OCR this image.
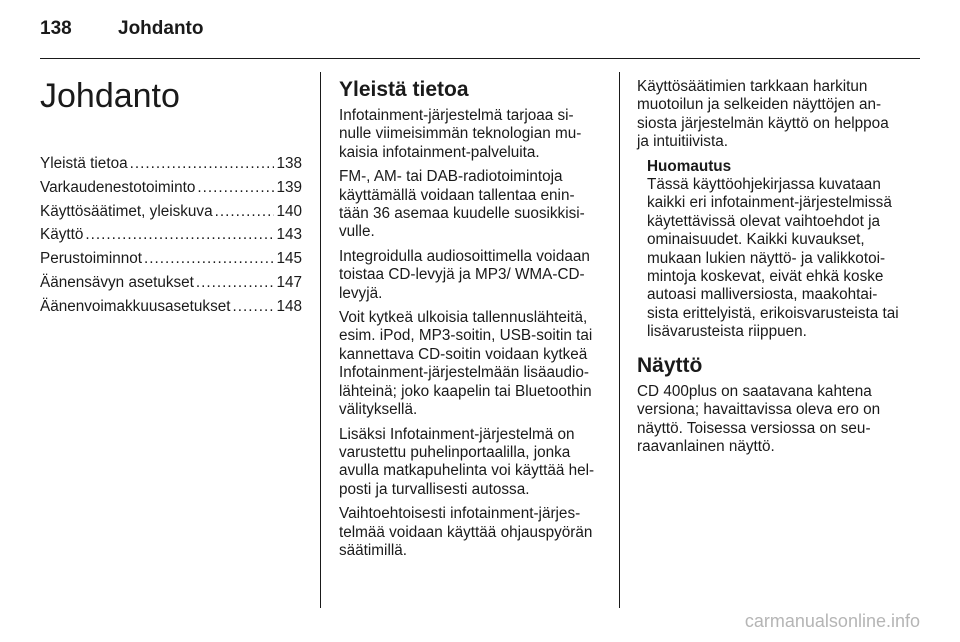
138 Johdanto
Johdanto
Yleistä tietoa .....	138
Varkaudenestotoiminto .....	139
Käyttösäätimet, yleiskuva .....	140
Käyttö .....	143
Perustoiminnot .....	145
Äänensävyn asetukset .....	147
Äänenvoimakkuusasetukset .....	148
Yleistä tietoa

Infotainment-järjestelmä tarjoaa si-nulle viimeisimmän teknologian mu-kaisia infotainment-palveluita.

FM-, AM- tai DAB-radiotoimintoja käyttämällä voidaan tallentaa enin-tään 36 asemaa kuudelle suosikkisi-vulle.

Integroidulla audiosoittimella voidaan toistaa CD-levyjä ja MP3/ WMA-CD-levyjä.

Voit kytkeä ulkoisia tallennuslähteitä, esim. iPod, MP3-soitin, USB-soitin tai kannettava CD-soitin voidaan kytkeä Infotainment-järjestelmään lisäaudio-lähteinä; joko kaapelin tai Bluetoothin välityksellä.

Lisäksi Infotainment-järjestelmä on varustettu puhelinportaalilla, jonka avulla matkapuhelinta voi käyttää hel-posti ja turvallisesti autossa.

Vaihtoehtoisesti infotainment-järjes-telmää voidaan käyttää ohjauspyörän säätimillä.

Käyttösäätimien tarkkaan harkitun muotoilun ja selkeiden näyttöjen an-siosta järjestelmän käyttö on helppoa ja intuitiivista.

Huomautus
Tässä käyttöohjekirjassa kuvataan kaikki eri infotainment-järjestelmissä käytettävissä olevat vaihtoehdot ja ominaisuudet. Kaikki kuvaukset, mukaan lukien näyttö- ja valikkotoi-mintoja koskevat, eivät ehkä koske autoasi malliversiosta, maakohtai-sista erittelyistä, erikoisvarusteista tai lisävarusteista riippuen.
Näyttö

CD 400plus on saatavana kahtena versiona; havaittavissa oleva ero on näyttö. Toisessa versiossa on seu-raavanlainen näyttö.

carmanualsonline.info
